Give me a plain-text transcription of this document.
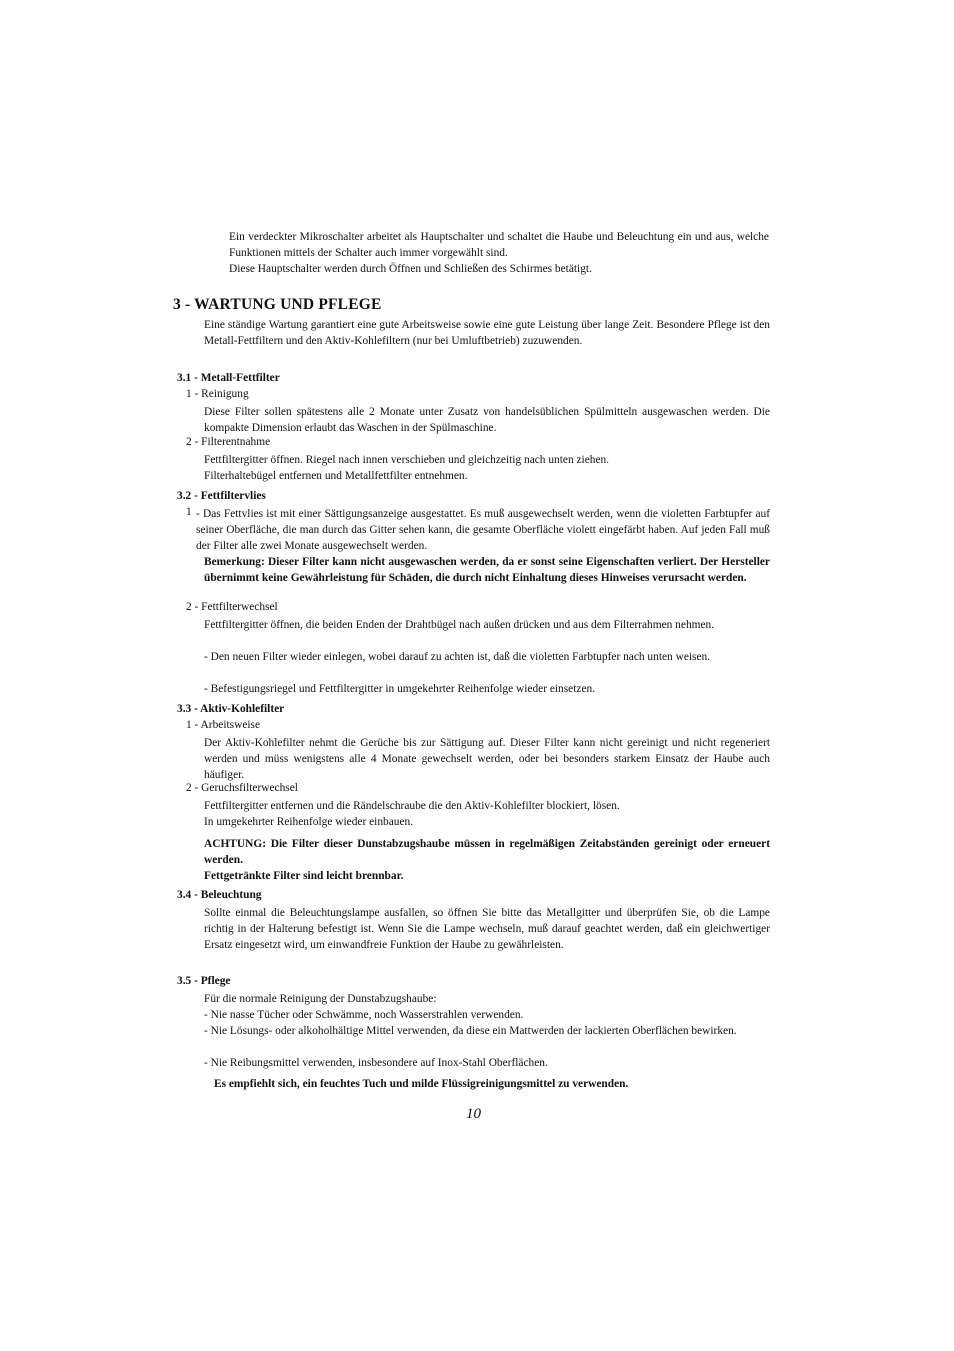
Ein verdeckter Mikroschalter arbeitet als Hauptschalter und schaltet die Haube und Beleuchtung ein und aus, welche Funktionen mittels der Schalter auch immer vorgewählt sind.

Diese Hauptschalter werden durch Öffnen und Schließen des Schirmes betätigt.

3 - WARTUNG UND PFLEGE
Eine ständige Wartung garantiert eine gute Arbeitsweise sowie eine gute Leistung über lange Zeit. Besondere Pflege ist den Metall-Fettfiltern und den Aktiv-Kohlefiltern (nur bei Umluftbetrieb) zuzuwenden.
3.1 - Metall-Fettfilter
1 - Reinigung
Diese Filter sollen spätestens alle 2 Monate unter Zusatz von handelsüblichen Spülmitteln ausgewaschen werden. Die kompakte Dimension erlaubt das Waschen in der Spülmaschine.
2 - Filterentnahme

Fettfiltergitter öffnen. Riegel nach innen verschieben und gleichzeitig nach unten ziehen.

Filterhaltebügel entfernen und Metallfettfilter entnehmen.

3.2 - Fettfiltervlies
1 - Das Fettvlies ist mit einer Sättigungsanzeige ausgestattet. Es muß ausgewechselt werden, wenn die violetten Farbtupfer auf seiner Oberfläche, die man durch das Gitter sehen kann, die gesamte Oberfläche violett eingefärbt haben. Auf jeden Fall muß der Filter alle zwei Monate ausgewechselt werden.
Bemerkung: Dieser Filter kann nicht ausgewaschen werden, da er sonst seine Eigenschaften verliert. Der Hersteller übernimmt keine Gewährleistung für Schäden, die durch nicht Einhaltung dieses Hinweises verursacht werden.
2 - Fettfilterwechsel
Fettfiltergitter öffnen, die beiden Enden der Drahtbügel nach außen drücken und aus dem Filterrahmen nehmen.
- Den neuen Filter wieder einlegen, wobei darauf zu achten ist, daß die violetten Farbtupfer nach unten weisen.
- Befestigungsriegel und Fettfiltergitter in umgekehrter Reihenfolge wieder einsetzen.
3.3 - Aktiv-Kohlefilter
1 - Arbeitsweise
Der Aktiv-Kohlefilter nehmt die Gerüche bis zur Sättigung auf. Dieser Filter kann nicht gereinigt und nicht regeneriert werden und müss wenigstens alle 4 Monate gewechselt werden, oder bei besonders starkem Einsatz der Haube auch häufiger.
2 - Geruchsfilterwechsel

Fettfiltergitter entfernen und die Rändelschraube die den Aktiv-Kohlefilter blockiert, lösen.

In umgekehrter Reihenfolge wieder einbauen.

ACHTUNG: Die Filter dieser Dunstabzugshaube müssen in regelmäßigen Zeitabständen gereinigt oder erneuert werden.

Fettgetränkte Filter sind leicht brennbar.

3.4 - Beleuchtung
Sollte einmal die Beleuchtungslampe ausfallen, so öffnen Sie bitte das Metallgitter und überprüfen Sie, ob die Lampe richtig in der Halterung befestigt ist. Wenn Sie die Lampe wechseln, muß darauf geachtet werden, daß ein gleichwertiger Ersatz eingesetzt wird, um einwandfreie Funktion der Haube zu gewährleisten.
3.5 - Pflege
Für die normale Reinigung der Dunstabzugshaube:
- Nie nasse Tücher oder Schwämme, noch Wasserstrahlen verwenden.
- Nie Lösungs- oder alkoholhältige Mittel verwenden, da diese ein Mattwerden der lackierten Oberflächen bewirken.
- Nie Reibungsmittel verwenden, insbesondere auf Inox-Stahl Oberflächen.
Es empfiehlt sich, ein feuchtes Tuch und milde Flüssigreinigungsmittel zu verwenden.
10
